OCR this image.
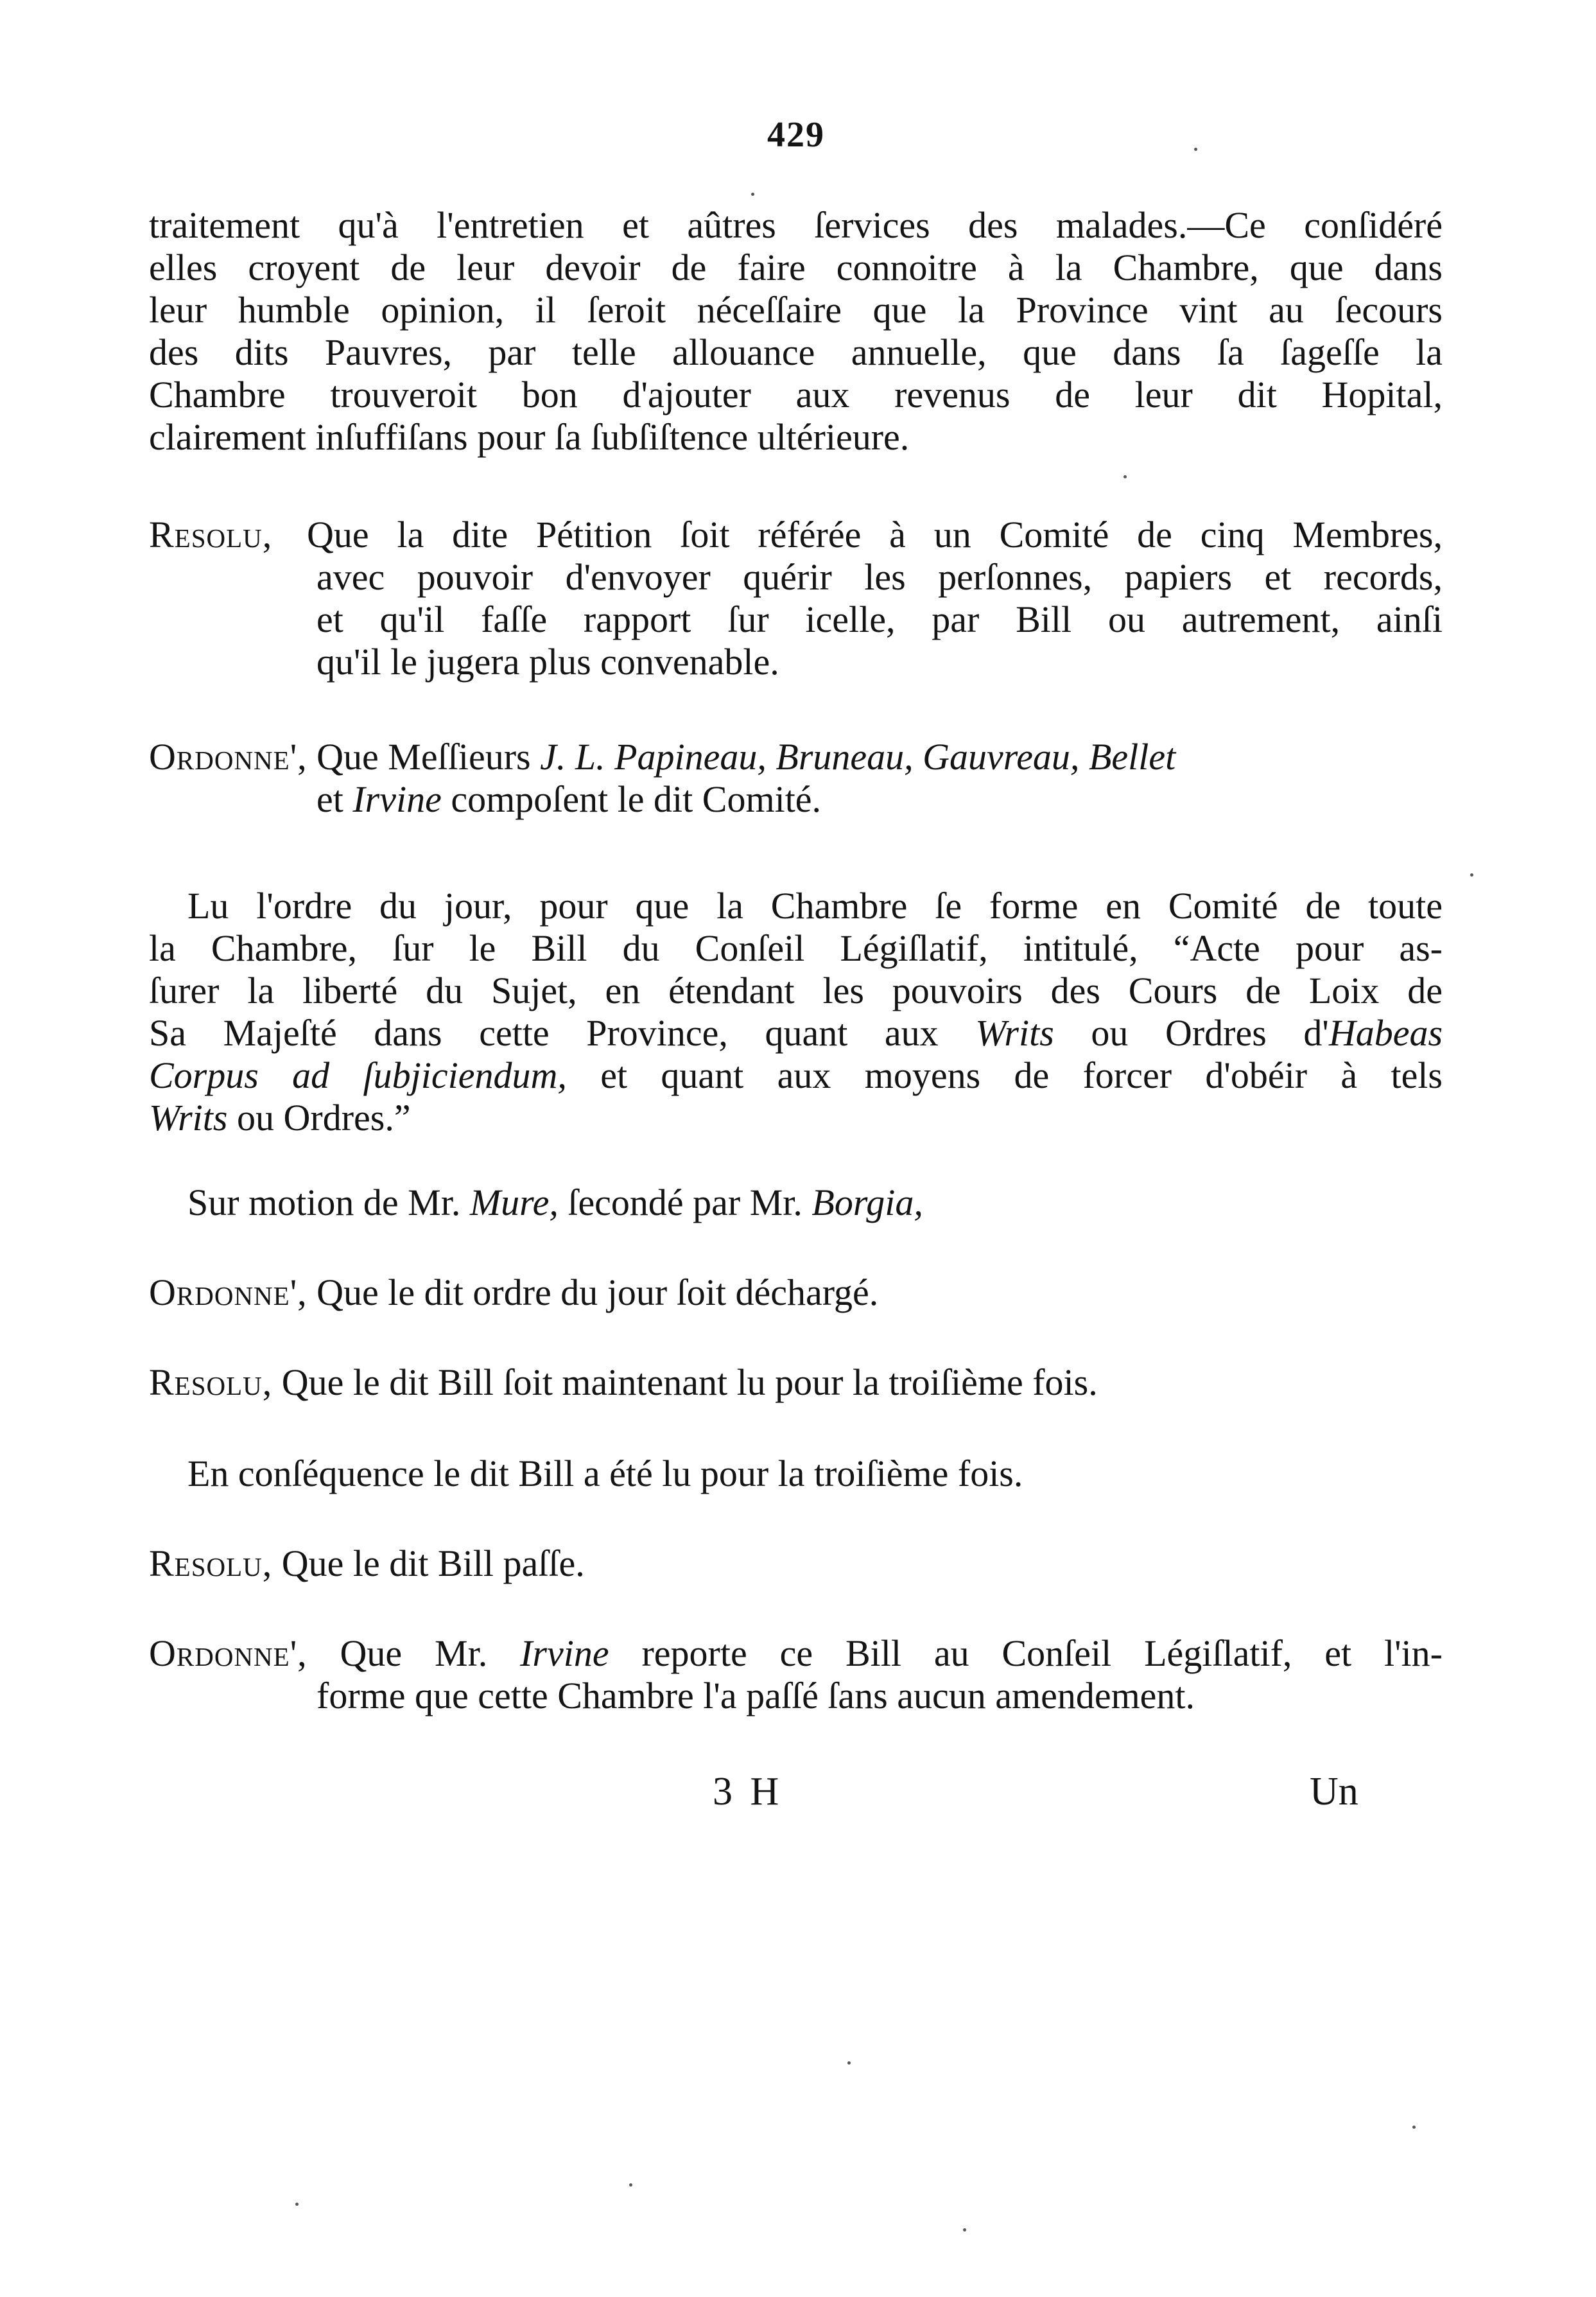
429
traitement qu'à l'entretien et aûtres ſervices des malades.—Ce conſidéré
elles croyent de leur devoir de faire connoitre à la Chambre, que dans
leur humble opinion, il ſeroit néceſſaire que la Province vint au ſecours
des dits Pauvres, par telle allouance annuelle, que dans ſa ſageſſe la
Chambre trouveroit bon d'ajouter aux revenus de leur dit Hopital,
clairement inſuffiſans pour ſa ſubſiſtence ultérieure.
Resolu, Que la dite Pétition ſoit référée à un Comité de cinq Membres,
avec pouvoir d'envoyer quérir les perſonnes, papiers et records,
et qu'il faſſe rapport ſur icelle, par Bill ou autrement, ainſi
qu'il le jugera plus convenable.
Ordonne', Que Meſſieurs J. L. Papineau, Bruneau, Gauvreau, Bellet
et Irvine compoſent le dit Comité.
Lu l'ordre du jour, pour que la Chambre ſe forme en Comité de toute
la Chambre, ſur le Bill du Conſeil Légiſlatif, intitulé, “Acte pour as-
ſurer la liberté du Sujet, en étendant les pouvoirs des Cours de Loix de
Sa Majeſté dans cette Province, quant aux Writs ou Ordres d'Habeas
Corpus ad ſubjiciendum, et quant aux moyens de forcer d'obéir à tels
Writs ou Ordres.”
Sur motion de Mr. Mure, ſecondé par Mr. Borgia,
Ordonne', Que le dit ordre du jour ſoit déchargé.
Resolu, Que le dit Bill ſoit maintenant lu pour la troiſième fois.
En conſéquence le dit Bill a été lu pour la troiſième fois.
Resolu, Que le dit Bill paſſe.
Ordonne', Que Mr. Irvine reporte ce Bill au Conſeil Légiſlatif, et l'in-
forme que cette Chambre l'a paſſé ſans aucun amendement.
3 H	Un
